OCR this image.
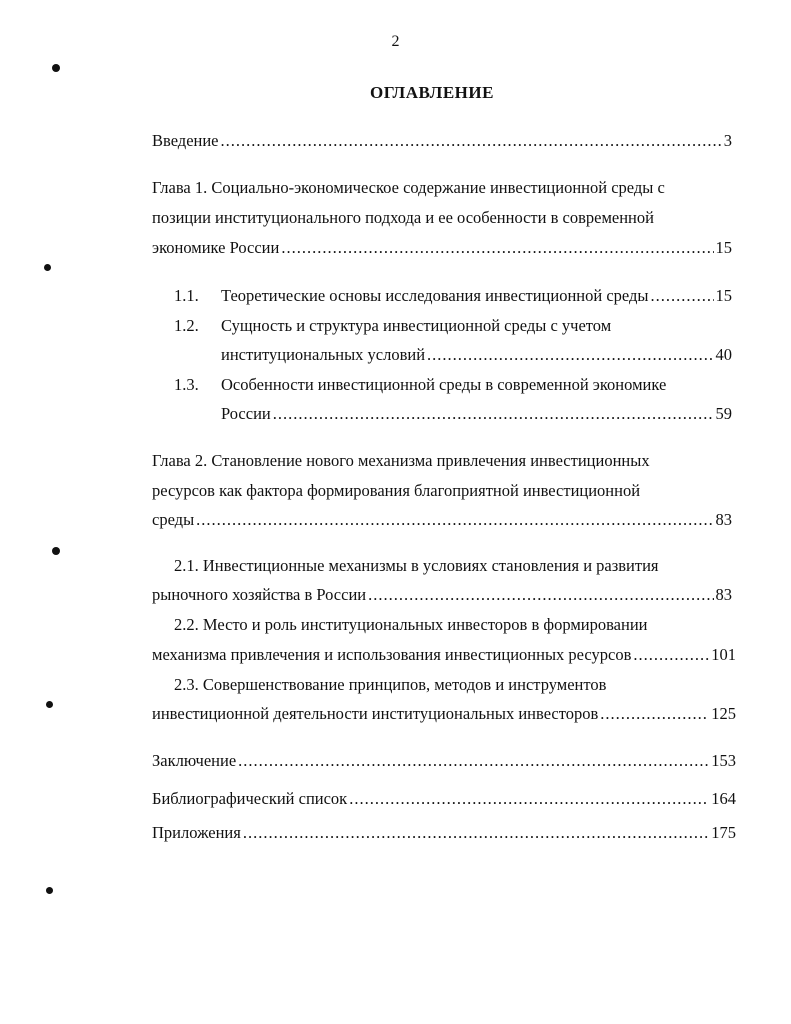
2
ОГЛАВЛЕНИЕ
Введение .....	3
Глава 1. Социально-экономическое содержание инвестиционной среды с
позиции институционального подхода и ее особенности в современной
экономике России .....	15
1.1. Теоретические основы исследования инвестиционной среды .....	15
1.2. Сущность и структура инвестиционной среды с учетом
институциональных условий .....	40
1.3. Особенности инвестиционной среды в современной экономике
России .....	59
Глава 2. Становление нового механизма привлечения инвестиционных
ресурсов как фактора формирования благоприятной инвестиционной
среды .....	83
2.1. Инвестиционные механизмы в условиях становления и развития
рыночного хозяйства в России .....	83
2.2. Место и роль институциональных инвесторов в формировании
механизма привлечения и использования инвестиционных ресурсов .....	101
2.3. Совершенствование принципов, методов и инструментов
инвестиционной деятельности институциональных инвесторов .....	125
Заключение .....	153
Библиографический список .....	164
Приложения .....	175
